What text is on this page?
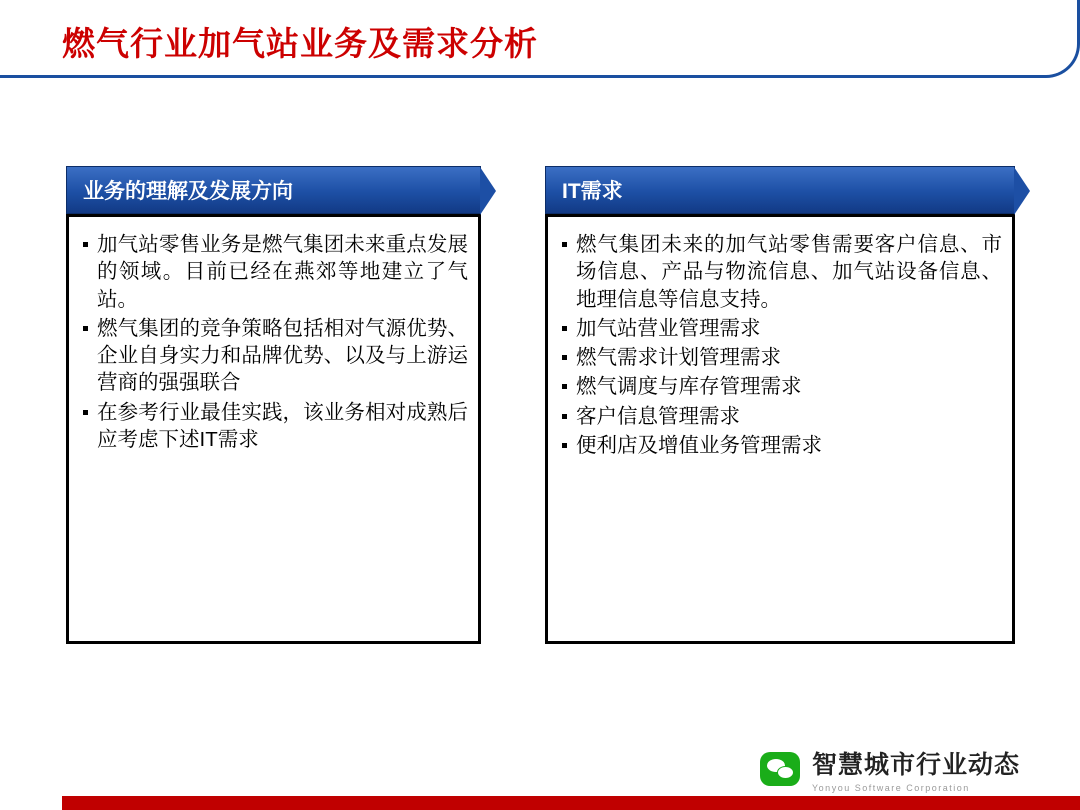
燃气行业加气站业务及需求分析
业务的理解及发展方向
加气站零售业务是燃气集团未来重点发展的领域。目前已经在燕郊等地建立了气站。
燃气集团的竞争策略包括相对气源优势、企业自身实力和品牌优势、以及与上游运营商的强强联合
在参考行业最佳实践，该业务相对成熟后应考虑下述IT需求
IT需求
燃气集团未来的加气站零售需要客户信息、市场信息、产品与物流信息、加气站设备信息、地理信息等信息支持。
加气站营业管理需求
燃气需求计划管理需求
燃气调度与库存管理需求
客户信息管理需求
便利店及增值业务管理需求
智慧城市行业动态
Yonyou Software Corporation
